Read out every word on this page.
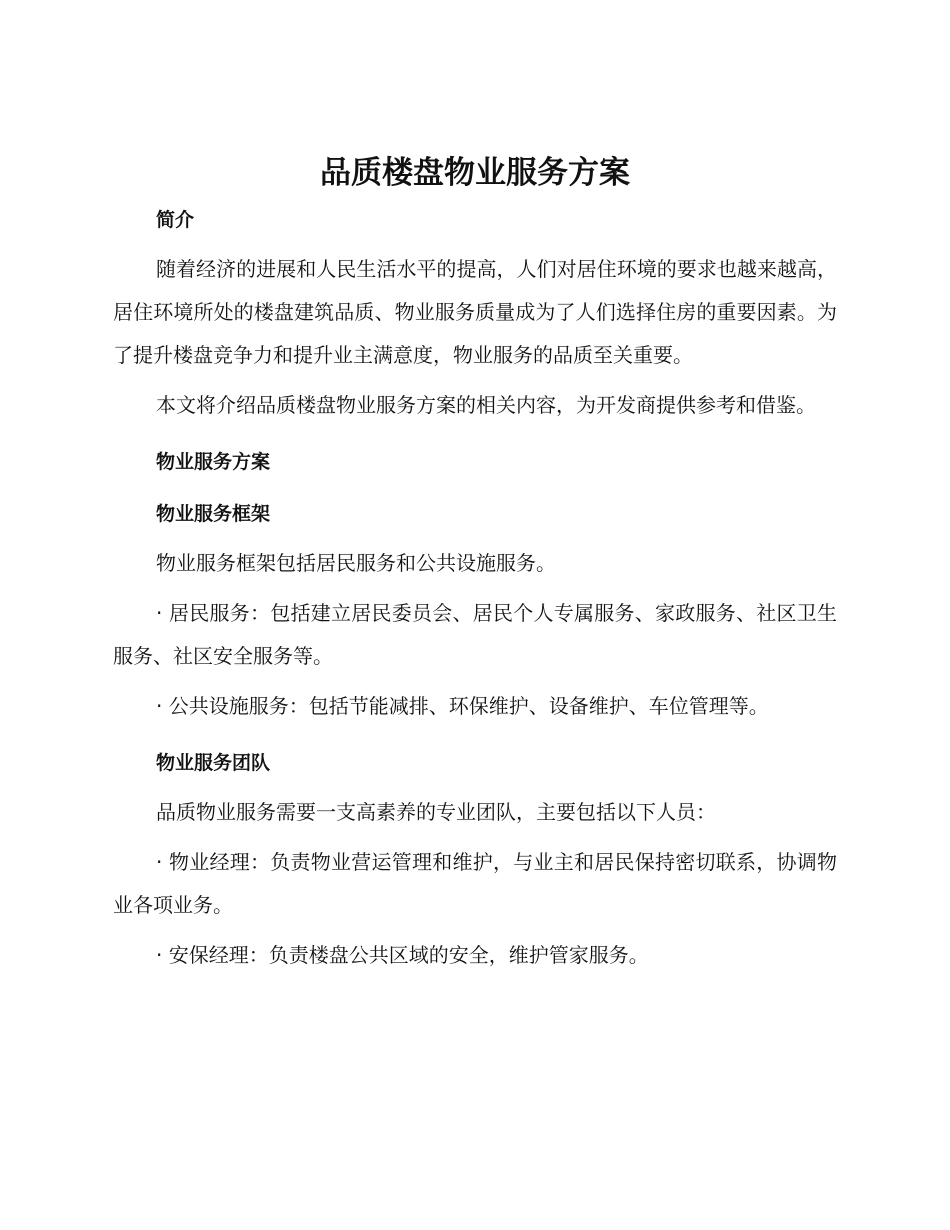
品质楼盘物业服务方案

简介

随着经济的进展和人民生活水平的提高，人们对居住环境的要求也越来越高，居住环境所处的楼盘建筑品质、物业服务质量成为了人们选择住房的重要因素。为了提升楼盘竞争力和提升业主满意度，物业服务的品质至关重要。

本文将介绍品质楼盘物业服务方案的相关内容，为开发商提供参考和借鉴。

物业服务方案

物业服务框架

物业服务框架包括居民服务和公共设施服务。

· 居民服务：包括建立居民委员会、居民个人专属服务、家政服务、社区卫生服务、社区安全服务等。

· 公共设施服务：包括节能减排、环保维护、设备维护、车位管理等。

物业服务团队

品质物业服务需要一支高素养的专业团队，主要包括以下人员：

· 物业经理：负责物业营运管理和维护，与业主和居民保持密切联系，协调物业各项业务。

· 安保经理：负责楼盘公共区域的安全，维护管家服务。
